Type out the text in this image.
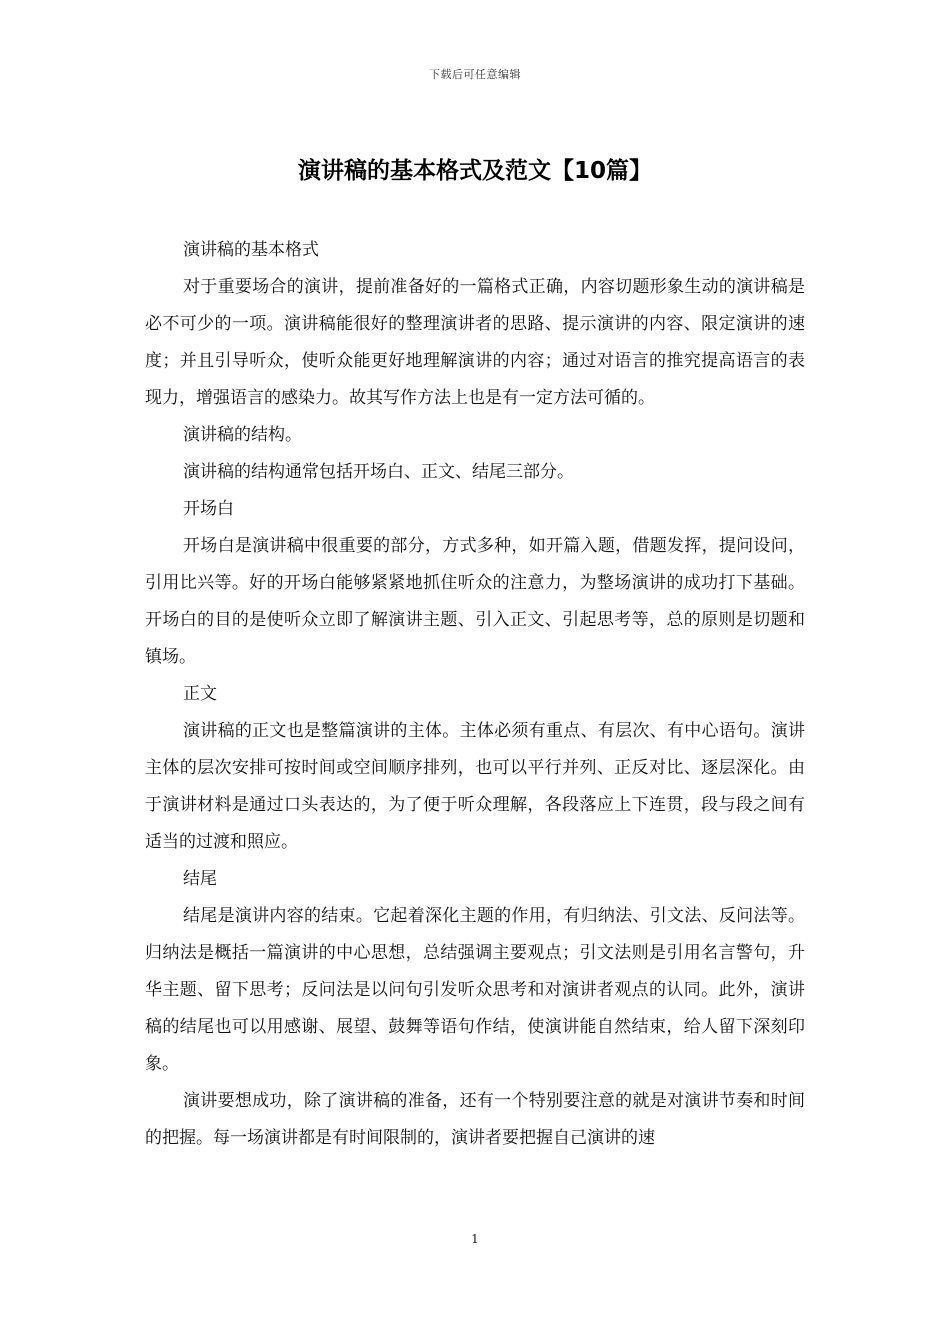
下载后可任意编辑
演讲稿的基本格式及范文【10篇】

演讲稿的基本格式

对于重要场合的演讲，提前准备好的一篇格式正确，内容切题形象生动的演讲稿是必不可少的一项。演讲稿能很好的整理演讲者的思路、提示演讲的内容、限定演讲的速度；并且引导听众，使听众能更好地理解演讲的内容；通过对语言的推究提高语言的表现力，增强语言的感染力。故其写作方法上也是有一定方法可循的。

演讲稿的结构。

演讲稿的结构通常包括开场白、正文、结尾三部分。

开场白

开场白是演讲稿中很重要的部分，方式多种，如开篇入题，借题发挥，提问设问，引用比兴等。好的开场白能够紧紧地抓住听众的注意力，为整场演讲的成功打下基础。开场白的目的是使听众立即了解演讲主题、引入正文、引起思考等，总的原则是切题和镇场。

正文

演讲稿的正文也是整篇演讲的主体。主体必须有重点、有层次、有中心语句。演讲主体的层次安排可按时间或空间顺序排列，也可以平行并列、正反对比、逐层深化。由于演讲材料是通过口头表达的，为了便于听众理解，各段落应上下连贯，段与段之间有适当的过渡和照应。

结尾

结尾是演讲内容的结束。它起着深化主题的作用，有归纳法、引文法、反问法等。归纳法是概括一篇演讲的中心思想，总结强调主要观点；引文法则是引用名言警句，升华主题、留下思考；反问法是以问句引发听众思考和对演讲者观点的认同。此外，演讲稿的结尾也可以用感谢、展望、鼓舞等语句作结，使演讲能自然结束，给人留下深刻印象。

演讲要想成功，除了演讲稿的准备，还有一个特别要注意的就是对演讲节奏和时间的把握。每一场演讲都是有时间限制的，演讲者要把握自己演讲的速

1
